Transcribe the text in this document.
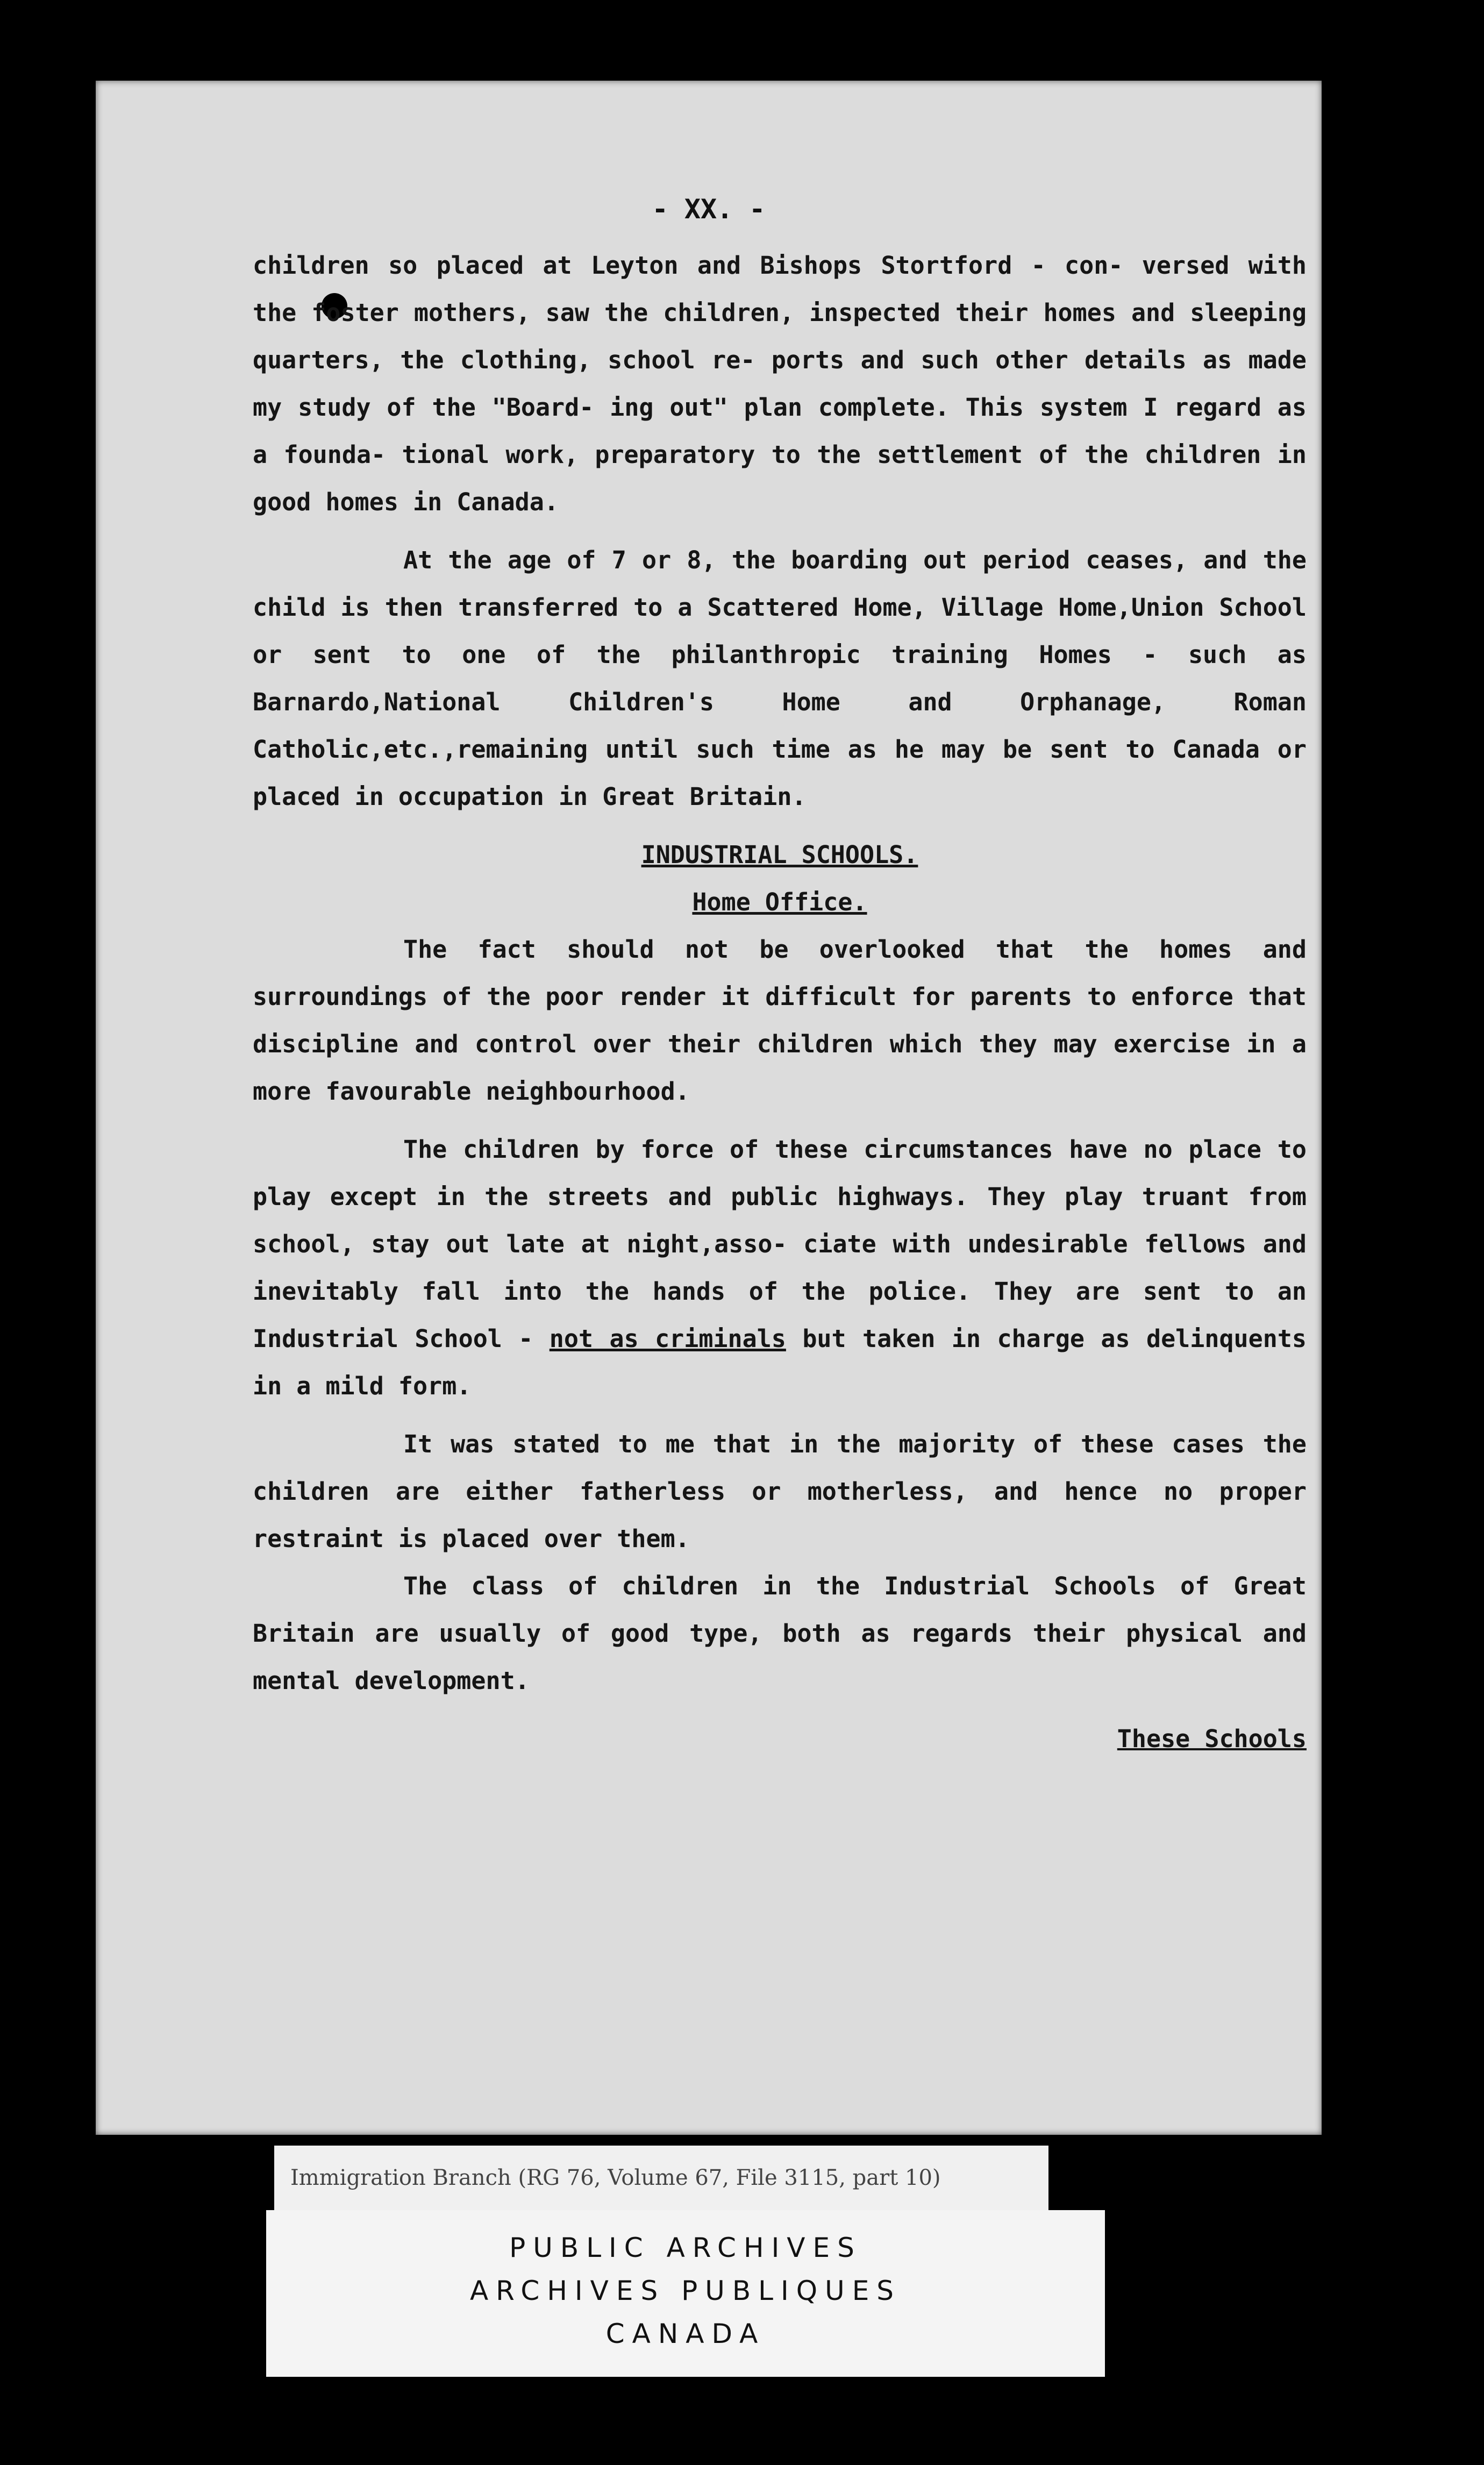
- XX. -

children so placed at Leyton and Bishops Stortford - con- versed with the foster mothers, saw the children, inspected their homes and sleeping quarters, the clothing, school re- ports and such other details as made my study of the "Board- ing out" plan complete. This system I regard as a founda- tional work, preparatory to the settlement of the children in good homes in Canada.

At the age of 7 or 8, the boarding out period ceases, and the child is then transferred to a Scattered Home, Village Home,Union School or sent to one of the philanthropic training Homes - such as Barnardo,National Children's Home and Orphanage, Roman Catholic,etc.,remaining until such time as he may be sent to Canada or placed in occupation in Great Britain.

INDUSTRIAL SCHOOLS.

Home Office.

The fact should not be overlooked that the homes and surroundings of the poor render it difficult for parents to enforce that discipline and control over their children which they may exercise in a more favourable neighbourhood.

The children by force of these circumstances have no place to play except in the streets and public highways. They play truant from school, stay out late at night,asso- ciate with undesirable fellows and inevitably fall into the hands of the police. They are sent to an Industrial School - not as criminals but taken in charge as delinquents in a mild form.

It was stated to me that in the majority of these cases the children are either fatherless or motherless, and hence no proper restraint is placed over them.

The class of children in the Industrial Schools of Great Britain are usually of good type, both as regards their physical and mental development.

These Schools

Immigration Branch (RG 76, Volume 67, File 3115, part 10)
PUBLIC ARCHIVES
ARCHIVES PUBLIQUES
CANADA
